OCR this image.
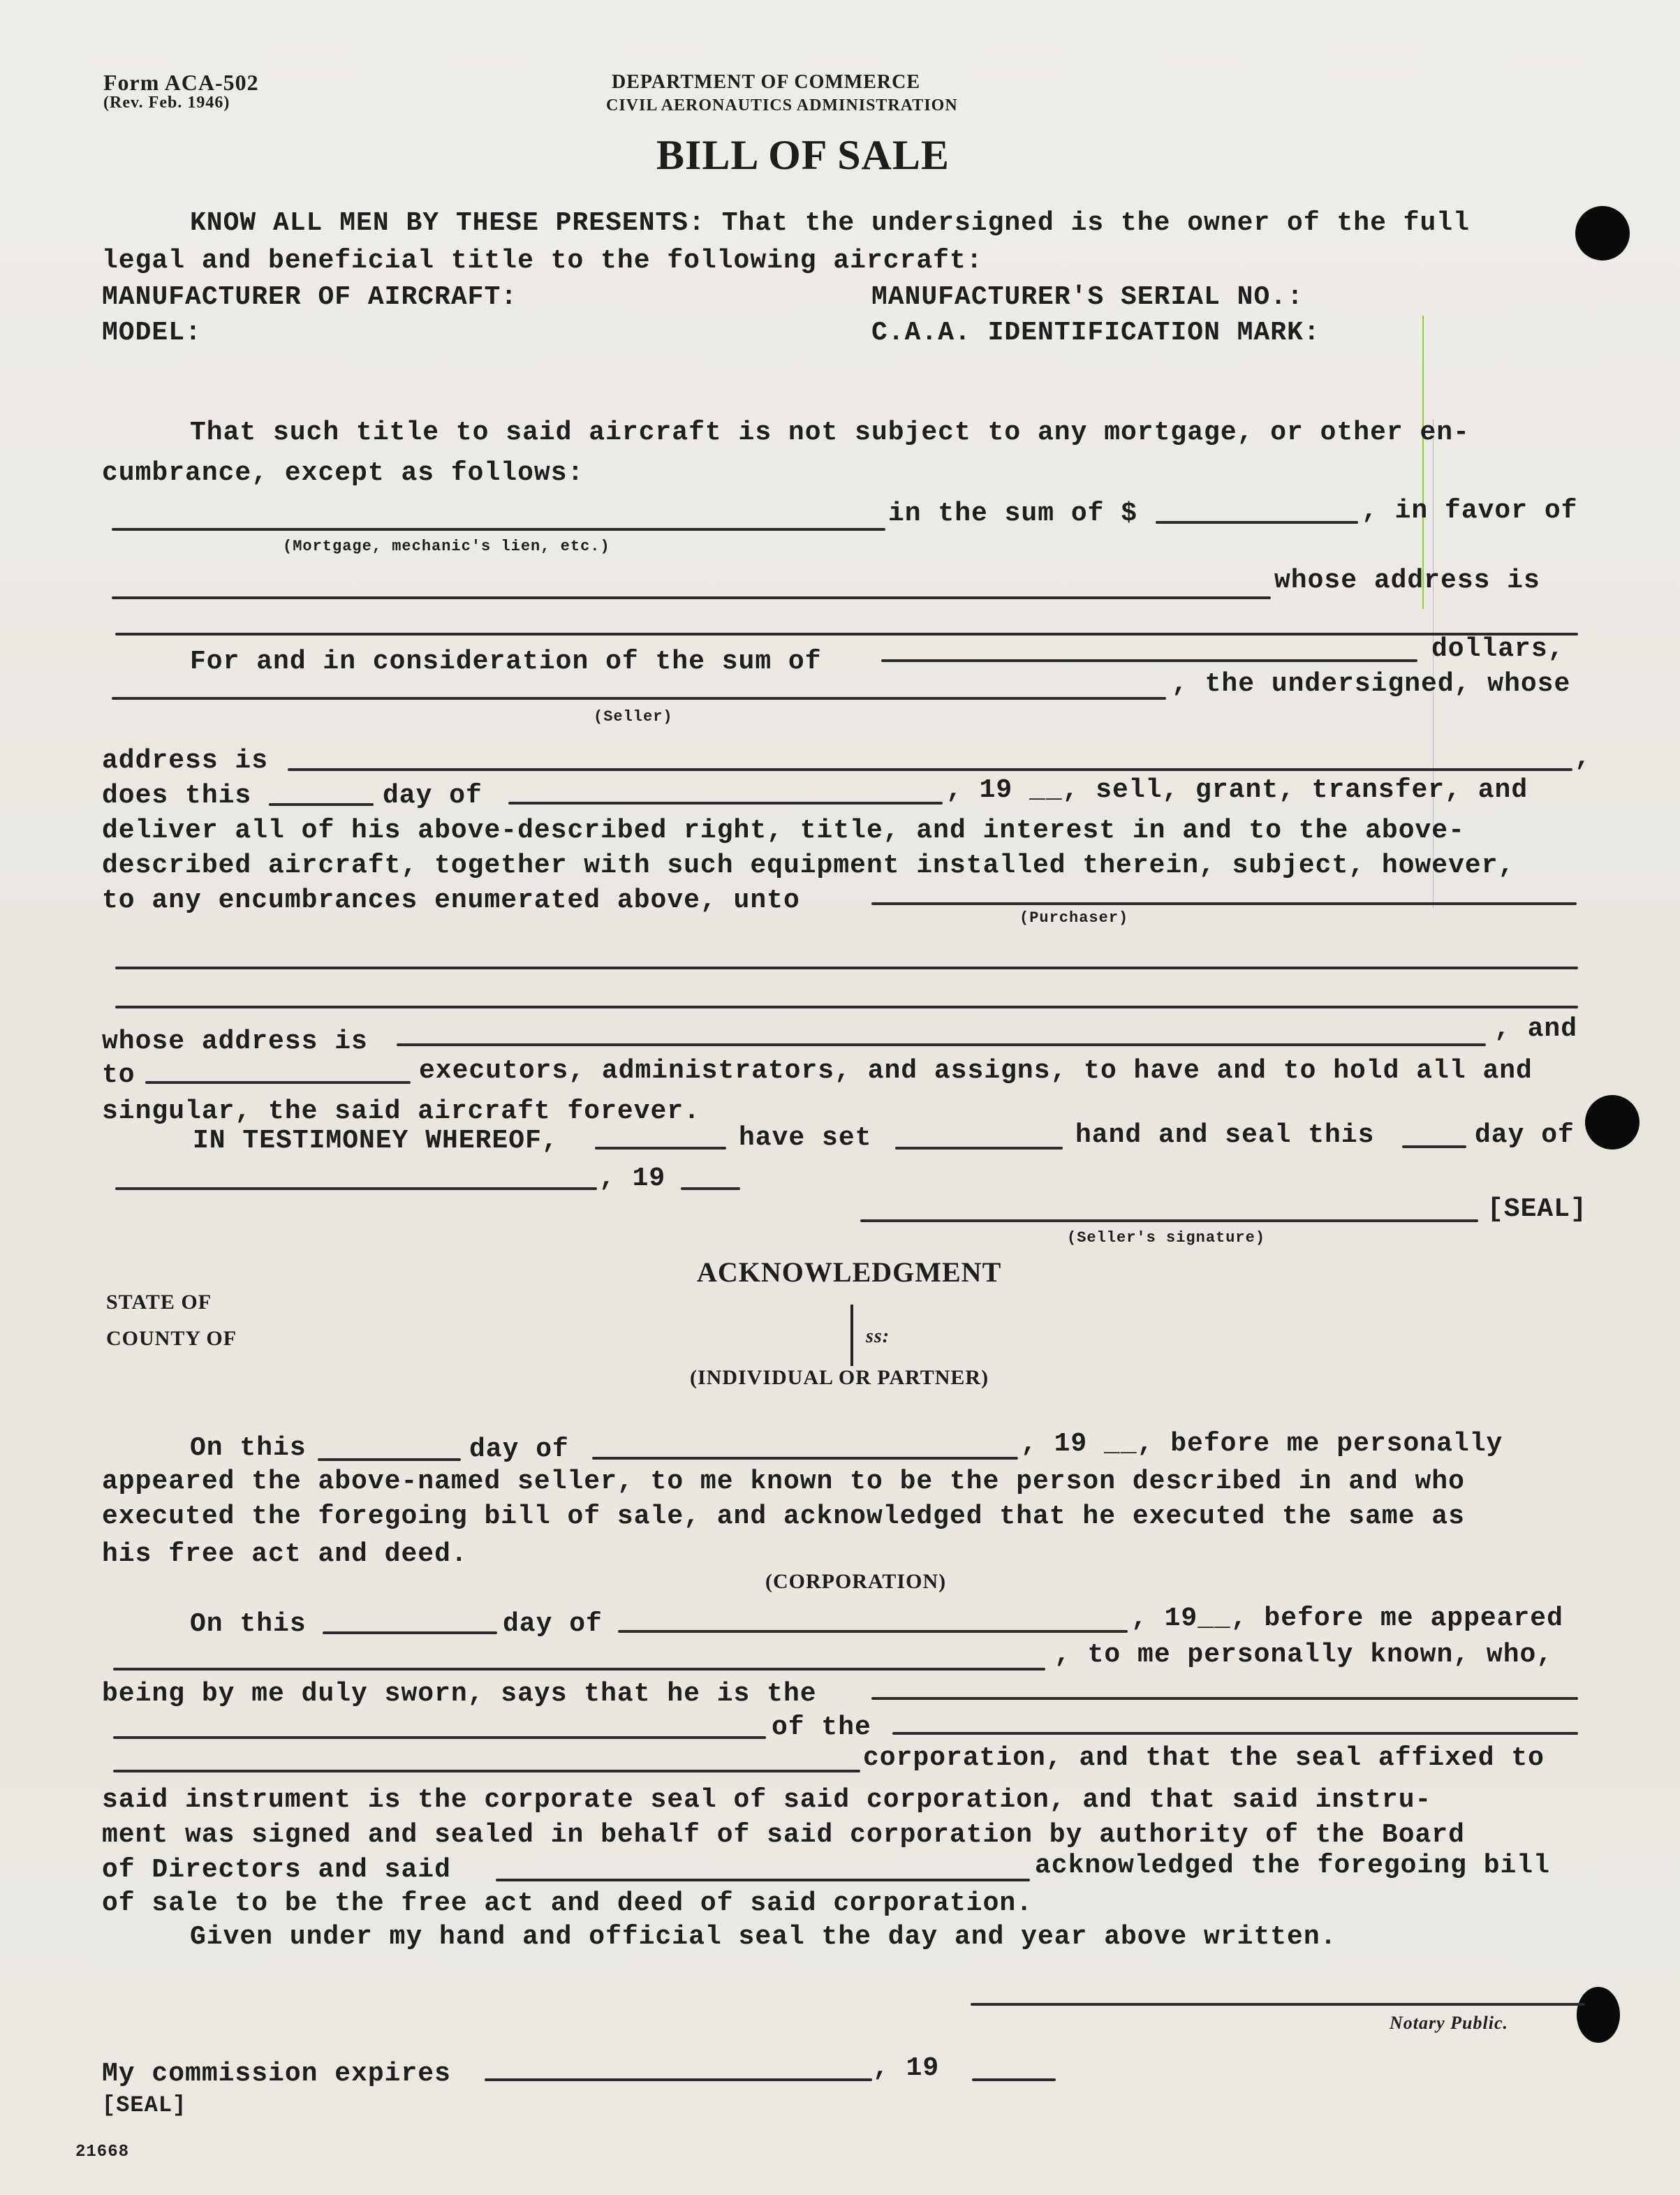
Form ACA-502
(Rev. Feb. 1946)
DEPARTMENT OF COMMERCE
CIVIL AERONAUTICS ADMINISTRATION
BILL OF SALE
KNOW ALL MEN BY THESE PRESENTS: That the undersigned is the owner of the full
legal and beneficial title to the following aircraft:
MANUFACTURER OF AIRCRAFT:	MANUFACTURER'S SERIAL NO.:
MODEL:	C.A.A. IDENTIFICATION MARK:
That such title to said aircraft is not subject to any mortgage, or other en-
cumbrance, except as follows:
(Mortgage, mechanic's lien, etc.)
in the sum of $	, in favor of
whose address is
For and in consideration of the sum of	dollars,
, the undersigned, whose
(Seller)
address is	,
does this	day of	, 19 __, sell, grant, transfer, and
deliver all of his above-described right, title, and interest in and to the above-
described aircraft, together with such equipment installed therein, subject, however,
to any encumbrances enumerated above, unto
(Purchaser)
whose address is	, and
to	executors, administrators, and assigns, to have and to hold all and
singular, the said aircraft forever.
IN TESTIMONEY WHEREOF,	have set	hand and seal this	day of
, 19
[SEAL]
(Seller's signature)
ACKNOWLEDGMENT
STATE OF
COUNTY OF	ss:
(INDIVIDUAL OR PARTNER)
On this	day of	, 19 __, before me personally
appeared the above-named seller, to me known to be the person described in and who
executed the foregoing bill of sale, and acknowledged that he executed the same as
his free act and deed.
(CORPORATION)
On this	day of	, 19__, before me appeared
, to me personally known, who,
being by me duly sworn, says that he is the
of the
corporation, and that the seal affixed to
said instrument is the corporate seal of said corporation, and that said instru-
ment was signed and sealed in behalf of said corporation by authority of the Board
of Directors and said	acknowledged the foregoing bill
of sale to be the free act and deed of said corporation.
Given under my hand and official seal the day and year above written.
Notary Public.
My commission expires	, 19
[SEAL]
21668
